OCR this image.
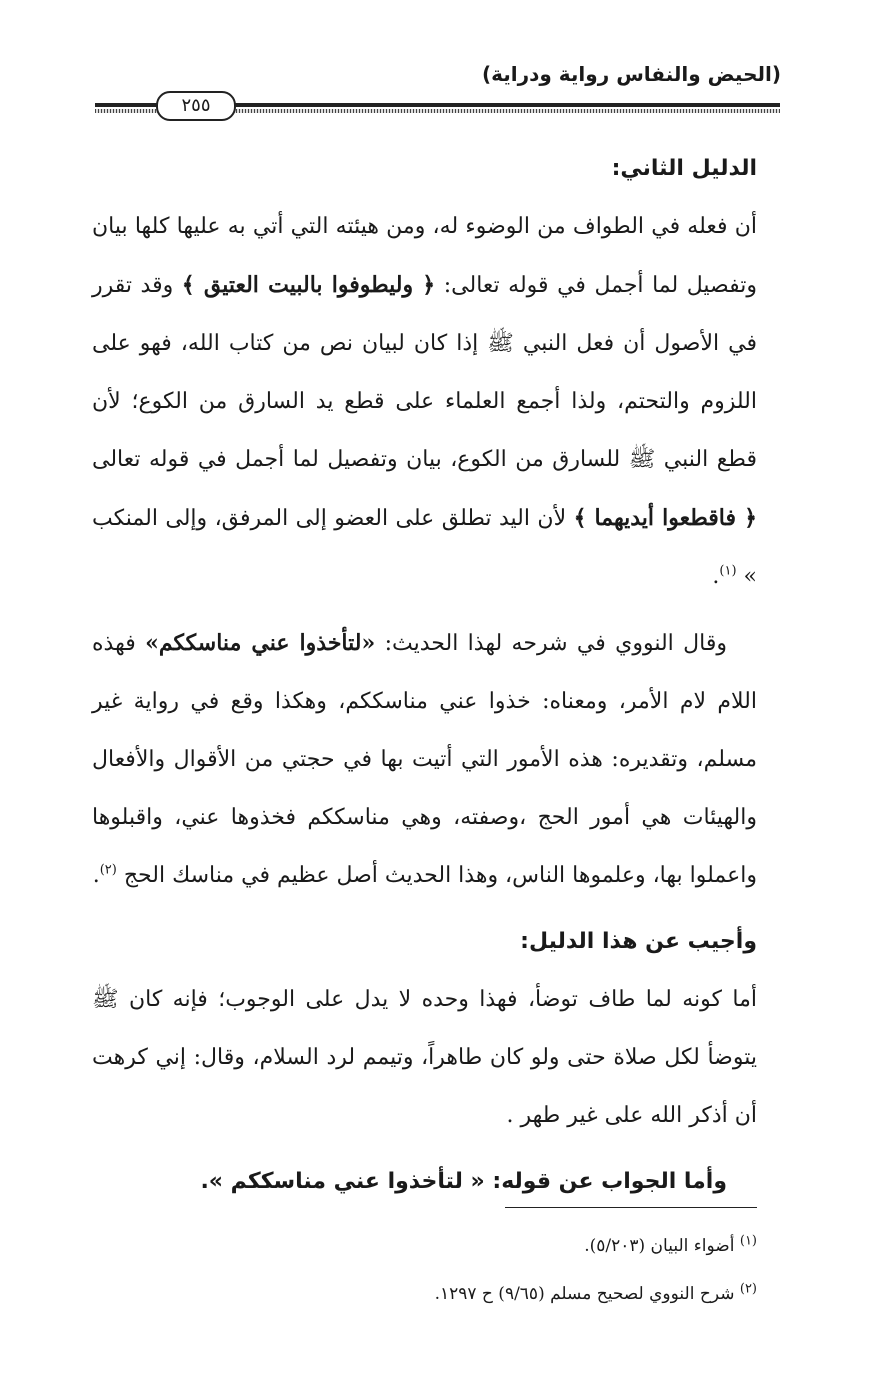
(الحيض والنفاس رواية ودراية)
٢٥٥

الدليل الثاني:

أن فعله في الطواف من الوضوء له، ومن هيئته التي أتي به عليها كلها بيان وتفصيل لما أجمل في قوله تعالى: ﴿ وليطوفوا بالبيت العتيق ﴾ وقد تقرر في الأصول أن فعل النبي ﷺ إذا كان لبيان نص من كتاب الله، فهو على اللزوم والتحتم، ولذا أجمع العلماء على قطع يد السارق من الكوع؛ لأن قطع النبي ﷺ للسارق من الكوع، بيان وتفصيل لما أجمل في قوله تعالى ﴿ فاقطعوا أيديهما ﴾ لأن اليد تطلق على العضو إلى المرفق، وإلى المنكب » $^{(١)}$.

وقال النووي في شرحه لهذا الحديث: «لتأخذوا عني مناسككم» فهذه اللام لام الأمر، ومعناه: خذوا عني مناسككم، وهكذا وقع في رواية غير مسلم، وتقديره: هذه الأمور التي أتيت بها في حجتي من الأقوال والأفعال والهيئات هي أمور الحج ،وصفته، وهي مناسككم فخذوها عني، واقبلوها واعملوا بها، وعلموها الناس، وهذا الحديث أصل عظيم في مناسك الحج $^{(٢)}$.

وأجيب عن هذا الدليل:

أما كونه لما طاف توضأ، فهذا وحده لا يدل على الوجوب؛ فإنه كان ﷺ يتوضأ لكل صلاة حتى ولو كان طاهراً، وتيمم لرد السلام، وقال: إني كرهت أن أذكر الله على غير طهر .

وأما الجواب عن قوله: « لتأخذوا عني مناسككم ».

$^{(١)}$ أضواء البيان (٥/٢٠٣).

$^{(٢)}$ شرح النووي لصحيح مسلم (٩/٦٥) ح ١٢٩٧.
